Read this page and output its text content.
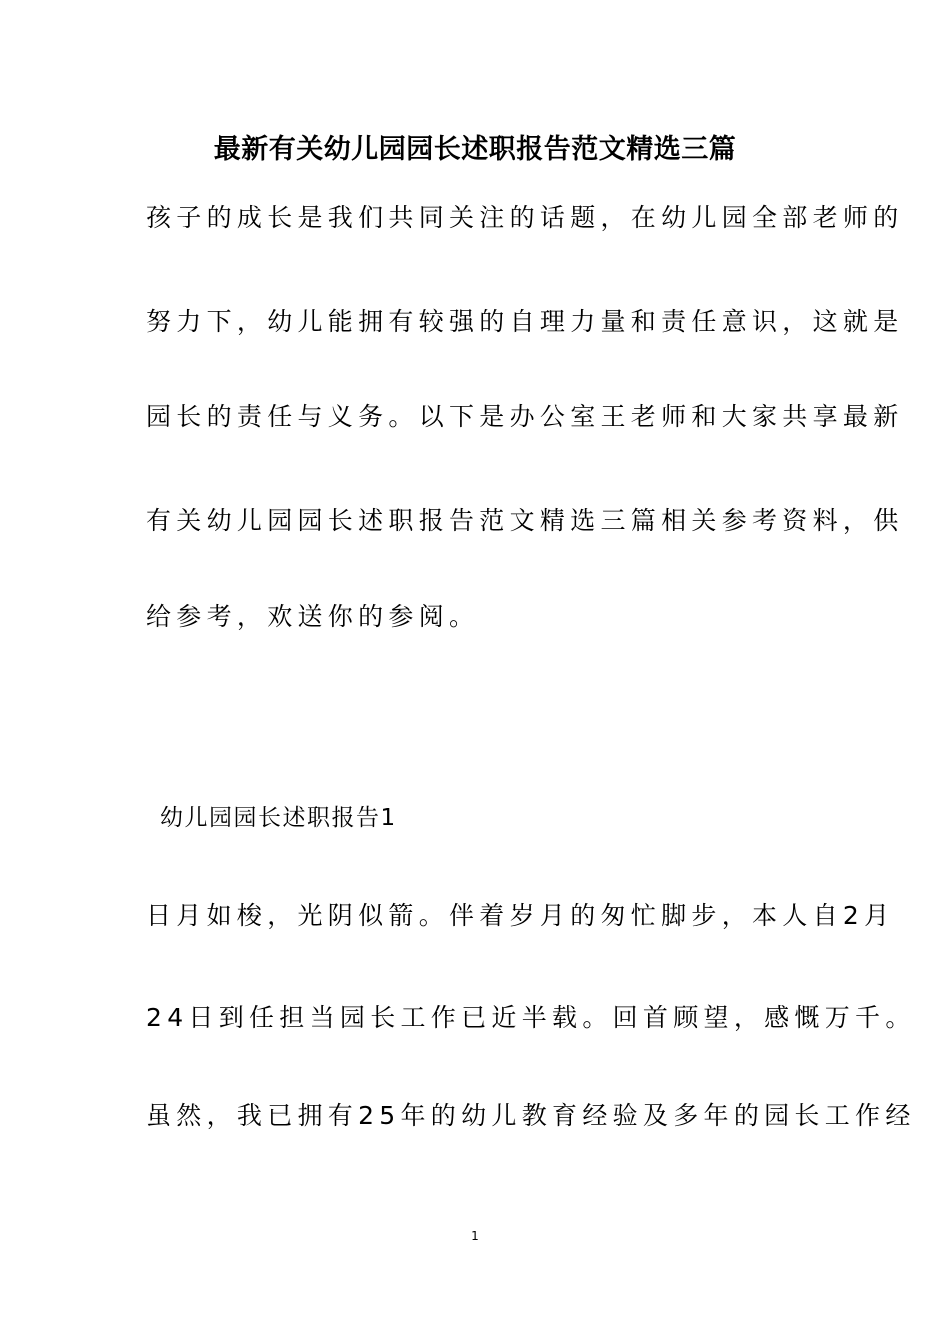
最新有关幼儿园园长述职报告范文精选三篇
孩子的成长是我们共同关注的话题，在幼儿园全部老师的
努力下，幼儿能拥有较强的自理力量和责任意识，这就是
园长的责任与义务。以下是办公室王老师和大家共享最新
有关幼儿园园长述职报告范文精选三篇相关参考资料，供
给参考，欢送你的参阅。
幼儿园园长述职报告1
日月如梭，光阴似箭。伴着岁月的匆忙脚步，本人自2月
24日到任担当园长工作已近半载。回首顾望，感慨万千。
虽然，我已拥有25年的幼儿教育经验及多年的园长工作经
1
